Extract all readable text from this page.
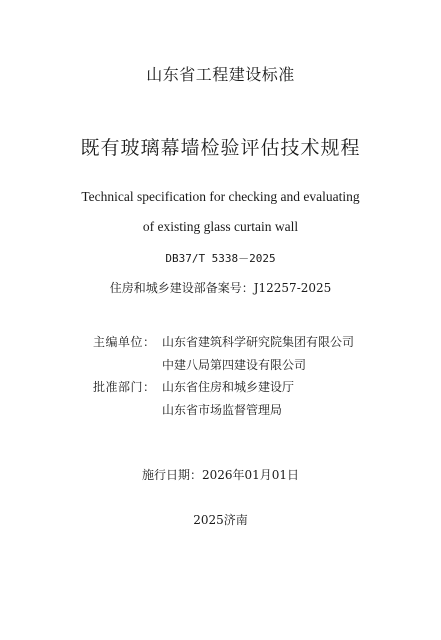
山东省工程建设标准
既有玻璃幕墙检验评估技术规程
Technical specification for checking and evaluating
of existing glass curtain wall
DB37/T 5338－2025
住房和城乡建设部备案号：J12257-2025
主编单位： 山东省建筑科学研究院集团有限公司
中建八局第四建设有限公司
批准部门： 山东省住房和城乡建设厅
山东省市场监督管理局
施行日期：2026年01月01日
2025济南
